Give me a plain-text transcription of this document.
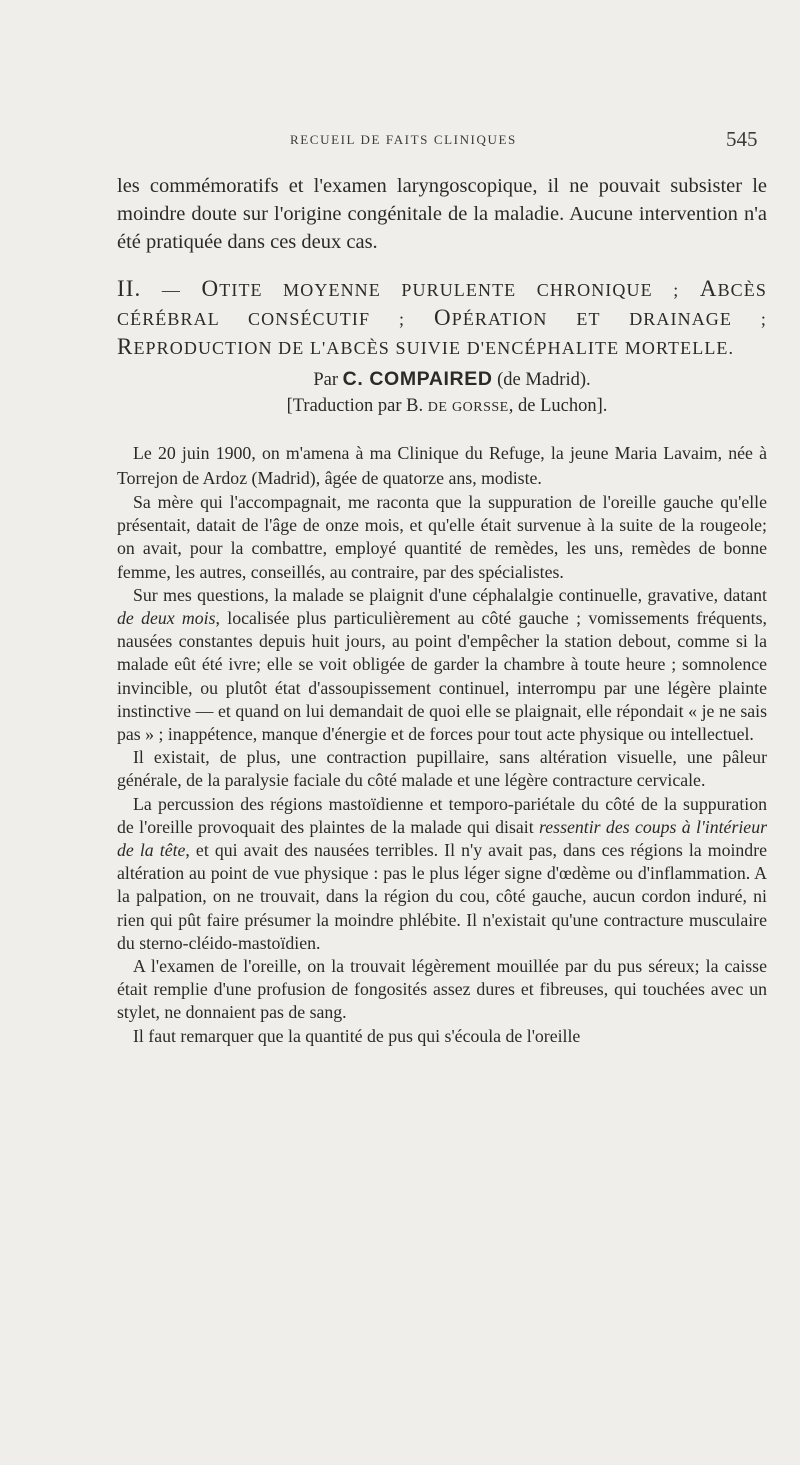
RECUEIL DE FAITS CLINIQUES	545

les commémoratifs et l'examen laryngoscopique, il ne pouvait subsister le moindre doute sur l'origine congénitale de la maladie. Aucune intervention n'a été pratiquée dans ces deux cas.

II. — OTITE MOYENNE PURULENTE CHRONIQUE ; ABCÈS CÉRÉBRAL CONSÉCUTIF ; OPÉRATION ET DRAINAGE ; REPRODUCTION DE L'ABCÈS SUIVIE D'ENCÉPHALITE MORTELLE.

Par C. COMPAIRED (de Madrid).

[Traduction par B. DE GORSSE, de Luchon].

Le 20 juin 1900, on m'amena à ma Clinique du Refuge, la jeune Maria Lavaim, née à Torrejon de Ardoz (Madrid), âgée de quatorze ans, modiste.

Sa mère qui l'accompagnait, me raconta que la suppuration de l'oreille gauche qu'elle présentait, datait de l'âge de onze mois, et qu'elle était survenue à la suite de la rougeole; on avait, pour la combattre, employé quantité de remèdes, les uns, remèdes de bonne femme, les autres, conseillés, au contraire, par des spécialistes.

Sur mes questions, la malade se plaignit d'une céphalalgie continuelle, gravative, datant de deux mois, localisée plus particulièrement au côté gauche ; vomissements fréquents, nausées constantes depuis huit jours, au point d'empêcher la station debout, comme si la malade eût été ivre; elle se voit obligée de garder la chambre à toute heure ; somnolence invincible, ou plutôt état d'assoupissement continuel, interrompu par une légère plainte instinctive — et quand on lui demandait de quoi elle se plaignait, elle répondait « je ne sais pas » ; inappétence, manque d'énergie et de forces pour tout acte physique ou intellectuel.

Il existait, de plus, une contraction pupillaire, sans altération visuelle, une pâleur générale, de la paralysie faciale du côté malade et une légère contracture cervicale.

La percussion des régions mastoïdienne et temporo-pariétale du côté de la suppuration de l'oreille provoquait des plaintes de la malade qui disait ressentir des coups à l'intérieur de la tête, et qui avait des nausées terribles. Il n'y avait pas, dans ces régions la moindre altération au point de vue physique : pas le plus léger signe d'œdème ou d'inflammation. A la palpation, on ne trouvait, dans la région du cou, côté gauche, aucun cordon induré, ni rien qui pût faire présumer la moindre phlébite. Il n'existait qu'une contracture musculaire du sterno-cléido-mastoïdien.

A l'examen de l'oreille, on la trouvait légèrement mouillée par du pus séreux; la caisse était remplie d'une profusion de fongosités assez dures et fibreuses, qui touchées avec un stylet, ne donnaient pas de sang.

Il faut remarquer que la quantité de pus qui s'écoula de l'oreille
